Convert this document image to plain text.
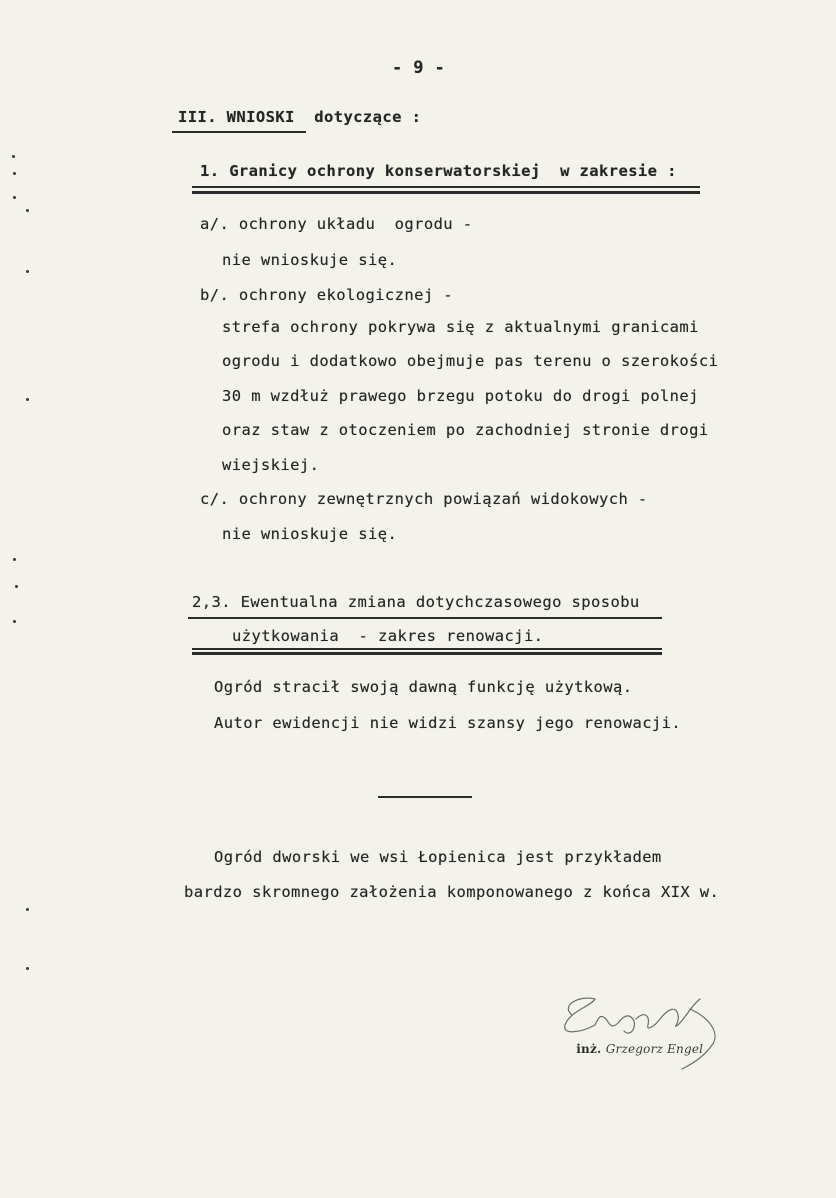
- 9 -
III. WNIOSKI  dotyczące :
1. Granicy ochrony konserwatorskiej  w zakresie :
a/. ochrony układu  ogrodu -
nie wnioskuje się.
b/. ochrony ekologicznej -
strefa ochrony pokrywa się z aktualnymi granicami
ogrodu i dodatkowo obejmuje pas terenu o szerokości
30 m wzdłuż prawego brzegu potoku do drogi polnej
oraz staw z otoczeniem po zachodniej stronie drogi
wiejskiej.
c/. ochrony zewnętrznych powiązań widokowych -
nie wnioskuje się.
2,3. Ewentualna zmiana dotychczasowego sposobu
użytkowania  - zakres renowacji.
Ogród stracił swoją dawną funkcję użytkową.
Autor ewidencji nie widzi szansy jego renowacji.
Ogród dworski we wsi Łopienica jest przykładem
bardzo skromnego założenia komponowanego z końca XIX w.

inż. Grzegorz Engel
